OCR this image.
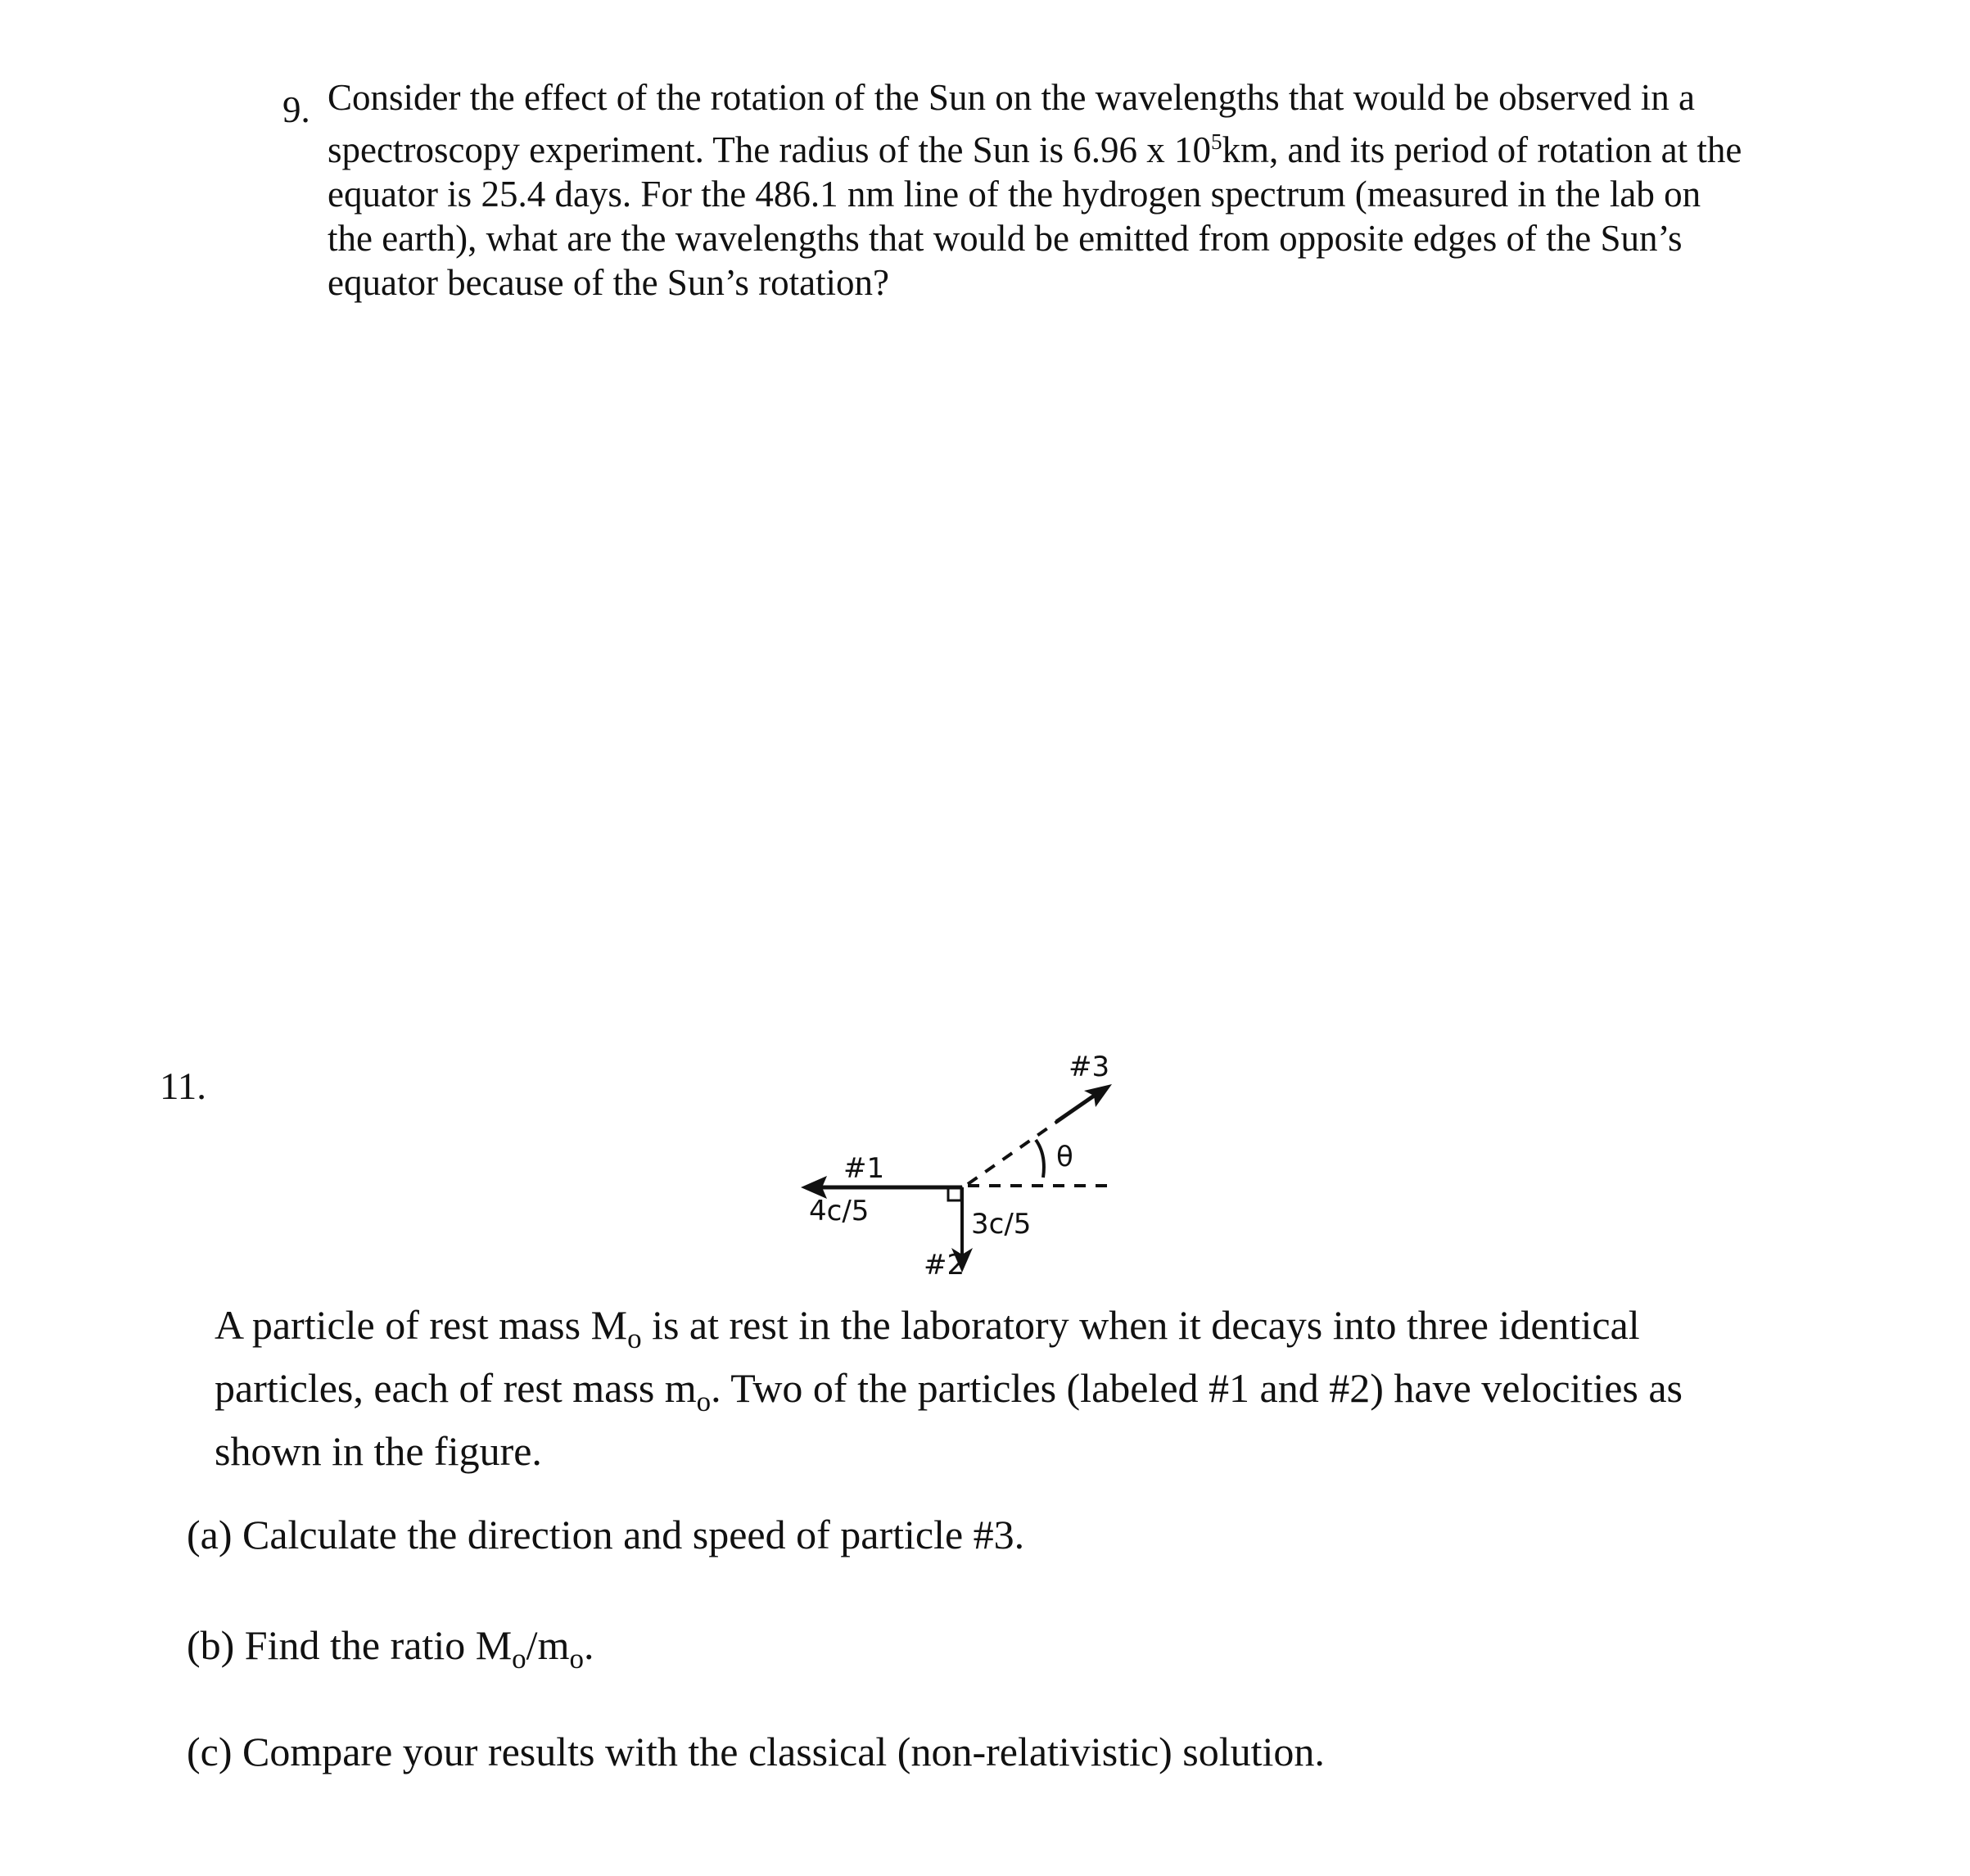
9. Consider the effect of the rotation of the Sun on the wavelengths that would be observed in a
spectroscopy experiment. The radius of the Sun is 6.96 x $10^5km$, and its period of rotation at the
equator is 25.4 days. For the 486.1 nm line of the hydrogen spectrum (measured in the lab on
the earth), what are the wavelengths that would be emitted from opposite edges of the Sun’s
equator because of the Sun’s rotation?
11.
#1
4c/5	3c/5
#2
#3
θ
A particle of rest mass $M_o$ is at rest in the laboratory when it decays into three identical
particles, each of rest mass $m_o$. Two of the particles (labeled #1 and #2) have velocities as
shown in the figure.
(a) Calculate the direction and speed of particle #3.
(b) Find the ratio $M_o/m_o$.
(c) Compare your results with the classical (non-relativistic) solution.
